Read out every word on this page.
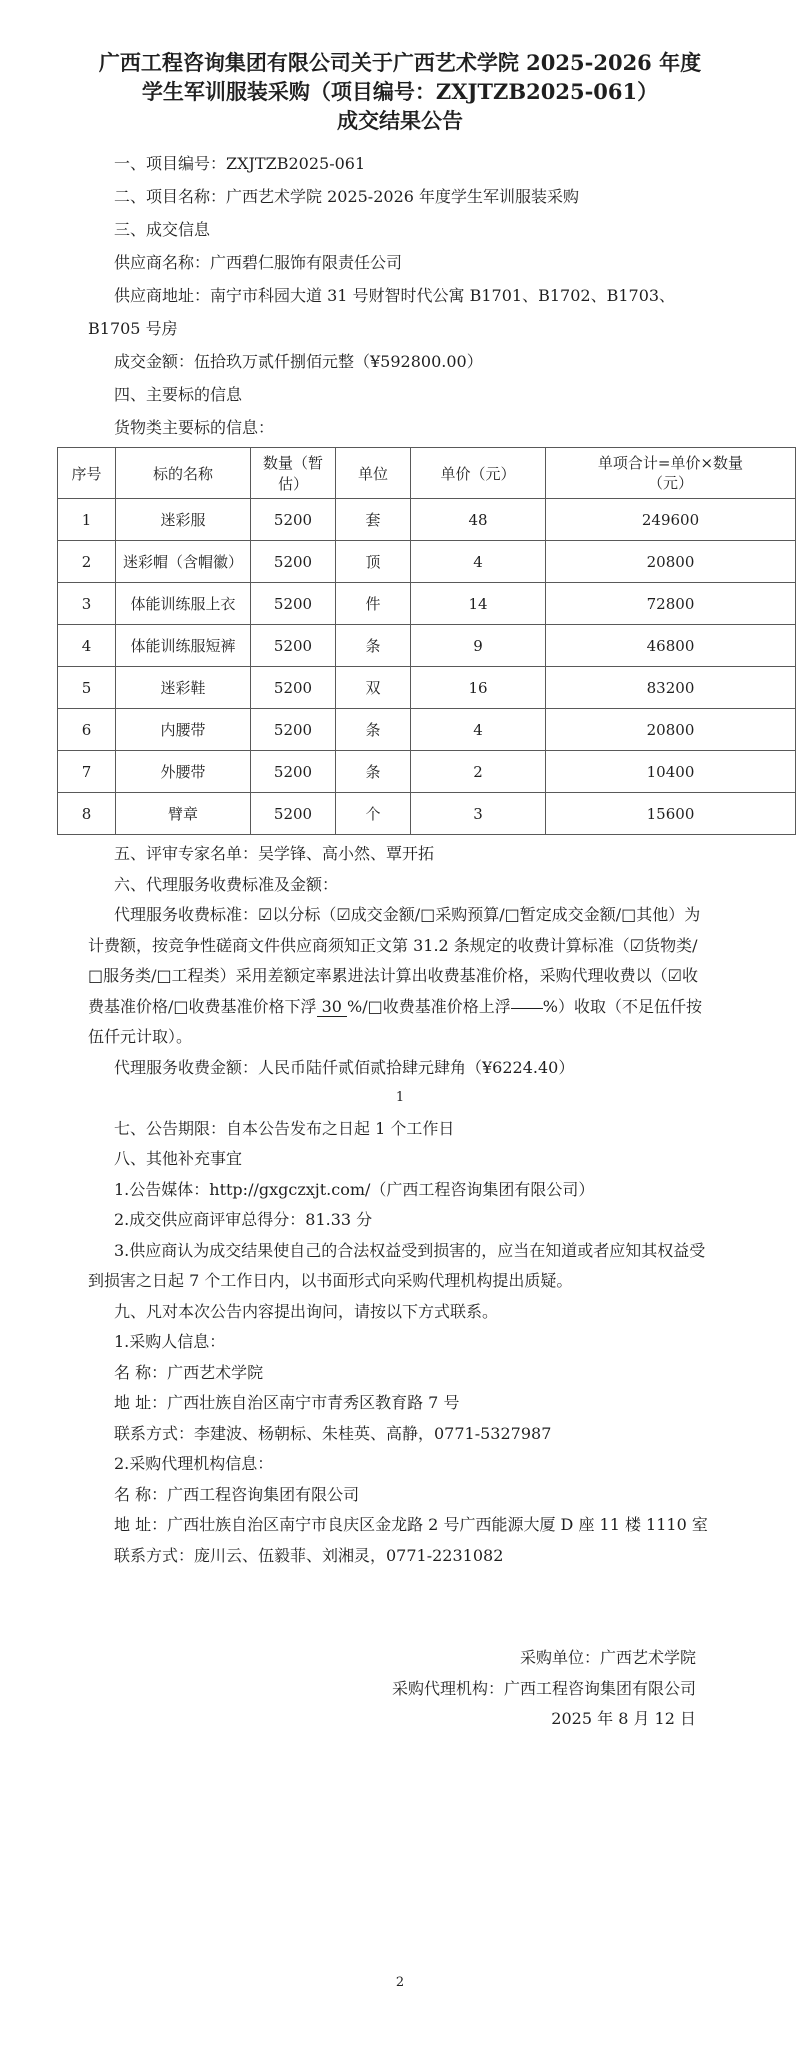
广西工程咨询集团有限公司关于广西艺术学院 2025-2026 年度
学生军训服装采购（项目编号：ZXJTZB2025-061）
成交结果公告

一、项目编号：ZXJTZB2025-061

二、项目名称：广西艺术学院 2025-2026 年度学生军训服装采购

三、成交信息

供应商名称：广西碧仁服饰有限责任公司

供应商地址：南宁市科园大道 31 号财智时代公寓 B1701、B1702、B1703、B1705 号房

成交金额：伍拾玖万贰仟捌佰元整（¥592800.00）

四、主要标的信息

货物类主要标的信息：

序号	标的名称	数量（暂估）	单位	单价（元）	单项合计=单价×数量
（元）

1	迷彩服	5200	套	48	249600
2	迷彩帽（含帽徽）	5200	顶	4	20800
3	体能训练服上衣	5200	件	14	72800
4	体能训练服短裤	5200	条	9	46800
5	迷彩鞋	5200	双	16	83200
6	内腰带	5200	条	4	20800
7	外腰带	5200	条	2	10400
8	臂章	5200	个	3	15600

五、评审专家名单：吴学锋、高小然、覃开拓

六、代理服务收费标准及金额：

代理服务收费标准：☑以分标（☑成交金额/□采购预算/□暂定成交金额/□其他）为计费额，按竞争性磋商文件供应商须知正文第 31.2 条规定的收费计算标准（☑货物类/□服务类/□工程类）采用差额定率累进法计算出收费基准价格，采购代理收费以（☑收费基准价格/□收费基准价格下浮 30 %/□收费基准价格上浮　　 %）收取（不足伍仟按伍仟元计取）。

代理服务收费金额：人民币陆仟贰佰贰拾肆元肆角（¥6224.40）

1

七、公告期限：自本公告发布之日起 1 个工作日

八、其他补充事宜

1.公告媒体：http://gxgczxjt.com/（广西工程咨询集团有限公司）

2.成交供应商评审总得分：81.33 分

3.供应商认为成交结果使自己的合法权益受到损害的，应当在知道或者应知其权益受到损害之日起 7 个工作日内，以书面形式向采购代理机构提出质疑。

九、凡对本次公告内容提出询问，请按以下方式联系。

1.采购人信息：

名 称：广西艺术学院

地 址：广西壮族自治区南宁市青秀区教育路 7 号

联系方式：李建波、杨朝标、朱桂英、高静，0771-5327987

2.采购代理机构信息：

名 称：广西工程咨询集团有限公司

地 址：广西壮族自治区南宁市良庆区金龙路 2 号广西能源大厦 D 座 11 楼 1110 室

联系方式：庞川云、伍毅菲、刘湘灵，0771-2231082

采购单位：广西艺术学院

采购代理机构：广西工程咨询集团有限公司

2025 年 8 月 12 日

2
